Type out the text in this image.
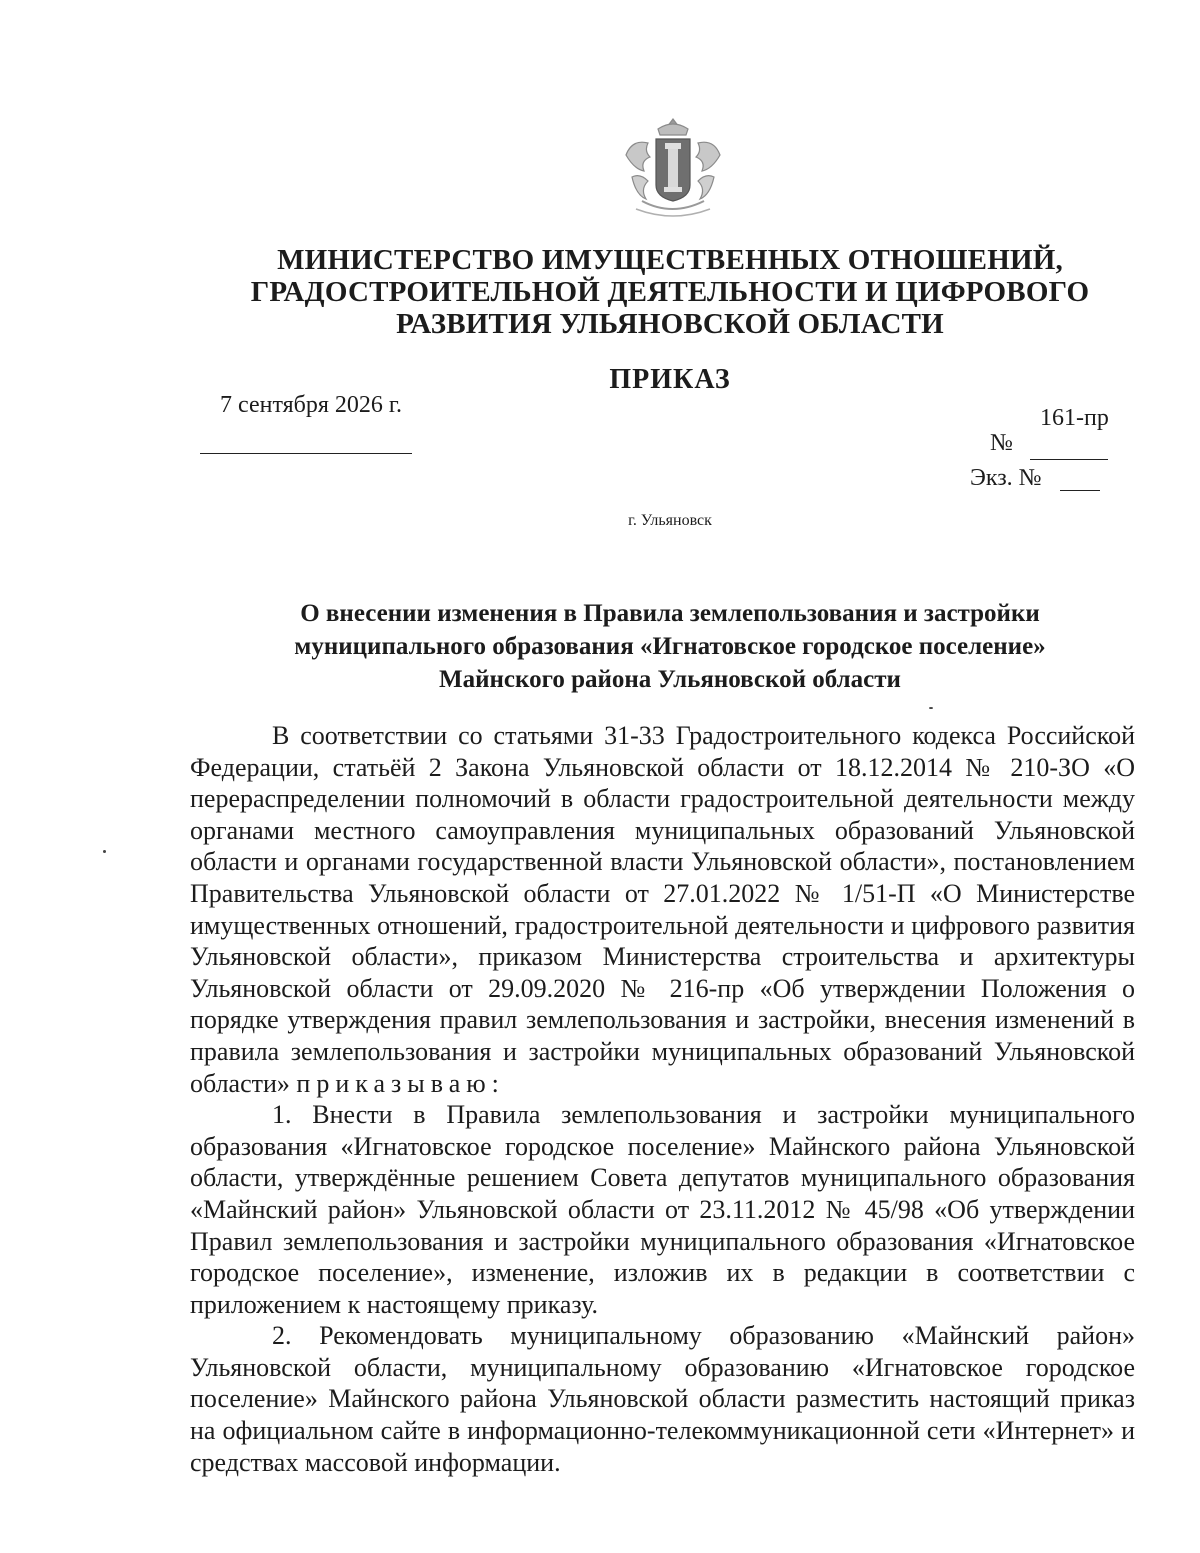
МИНИСТЕРСТВО ИМУЩЕСТВЕННЫХ ОТНОШЕНИЙ,
ГРАДОСТРОИТЕЛЬНОЙ ДЕЯТЕЛЬНОСТИ И ЦИФРОВОГО
РАЗВИТИЯ УЛЬЯНОВСКОЙ ОБЛАСТИ
ПРИКАЗ
7 сентября 2026 г.	161-пр
№
Экз. №
г. Ульяновск
О внесении изменения в Правила землепользования и застройки
муниципального образования «Игнатовское городское поселение»
Майнского района Ульяновской области

В соответствии со статьями 31-33 Градостроительного кодекса Российской Федерации, статьёй 2 Закона Ульяновской области от 18.12.2014 № 210-ЗО «О перераспределении полномочий в области градостроительной деятельности между органами местного самоуправления муниципальных образований Ульяновской области и органами государственной власти Ульяновской области», постановлением Правительства Ульяновской области от 27.01.2022 № 1/51-П «О Министерстве имущественных отношений, градостроительной деятельности и цифрового развития Ульяновской области», приказом Министерства строительства и архитектуры Ульяновской области от 29.09.2020 № 216-пр «Об утверждении Положения о порядке утверждения правил землепользования и застройки, внесения изменений в правила землепользования и застройки муниципальных образований Ульяновской области» приказываю:

1. Внести в Правила землепользования и застройки муниципального образования «Игнатовское городское поселение» Майнского района Ульяновской области, утверждённые решением Совета депутатов муниципального образования «Майнский район» Ульяновской области от 23.11.2012 № 45/98 «Об утверждении Правил землепользования и застройки муниципального образования «Игнатовское городское поселение», изменение, изложив их в редакции в соответствии с приложением к настоящему приказу.

2. Рекомендовать муниципальному образованию «Майнский район» Ульяновской области, муниципальному образованию «Игнатовское городское поселение» Майнского района Ульяновской области разместить настоящий приказ на официальном сайте в информационно-телекоммуникационной сети «Интернет» и средствах массовой информации.
